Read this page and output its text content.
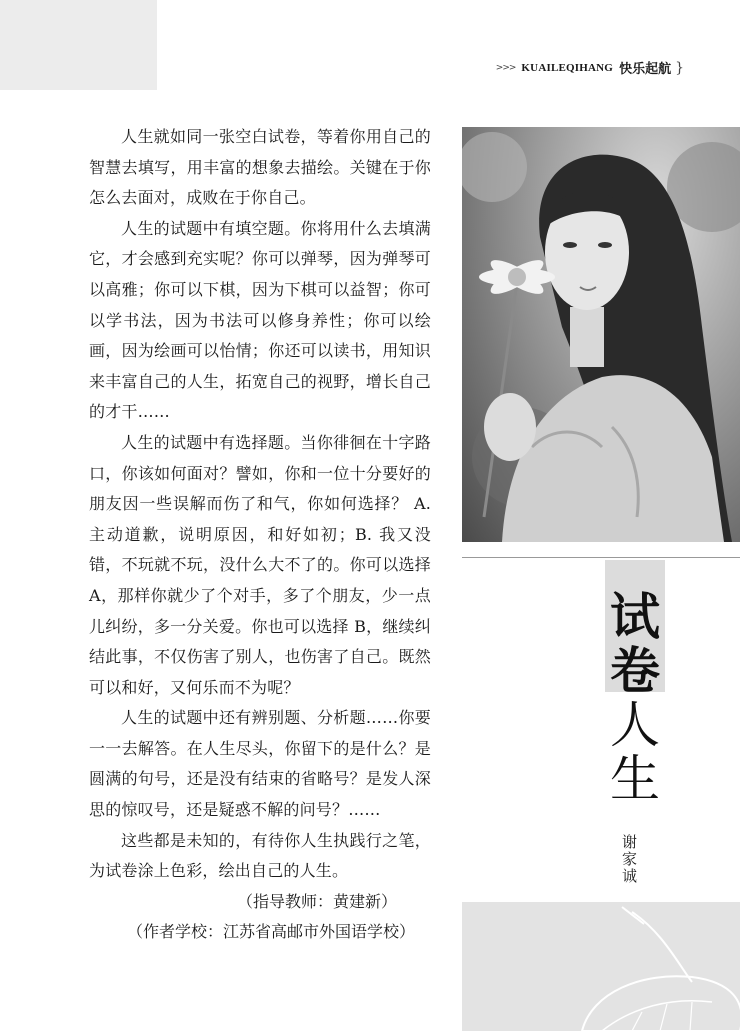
>>> KUAILEQIHANG 快乐起航 }

人生就如同一张空白试卷，等着你用自己的智慧去填写，用丰富的想象去描绘。关键在于你怎么去面对，成败在于你自己。

人生的试题中有填空题。你将用什么去填满它，才会感到充实呢？你可以弹琴，因为弹琴可以高雅；你可以下棋，因为下棋可以益智；你可以学书法，因为书法可以修身养性；你可以绘画，因为绘画可以怡情；你还可以读书，用知识来丰富自己的人生，拓宽自己的视野，增长自己的才干……

人生的试题中有选择题。当你徘徊在十字路口，你该如何面对？譬如，你和一位十分要好的朋友因一些误解而伤了和气，你如何选择？ A. 主动道歉，说明原因，和好如初；B. 我又没错，不玩就不玩，没什么大不了的。你可以选择 A，那样你就少了个对手，多了个朋友，少一点儿纠纷，多一分关爱。你也可以选择 B，继续纠结此事，不仅伤害了别人，也伤害了自己。既然可以和好，又何乐而不为呢？

人生的试题中还有辨别题、分析题……你要一一去解答。在人生尽头，你留下的是什么？是圆满的句号，还是没有结束的省略号？是发人深思的惊叹号，还是疑惑不解的问号？……

这些都是未知的，有待你人生执践行之笔，为试卷涂上色彩，绘出自己的人生。

（指导教师：黄建新）

（作者学校：江苏省高邮市外国语学校）

试
卷
人
生
谢
家
诚
